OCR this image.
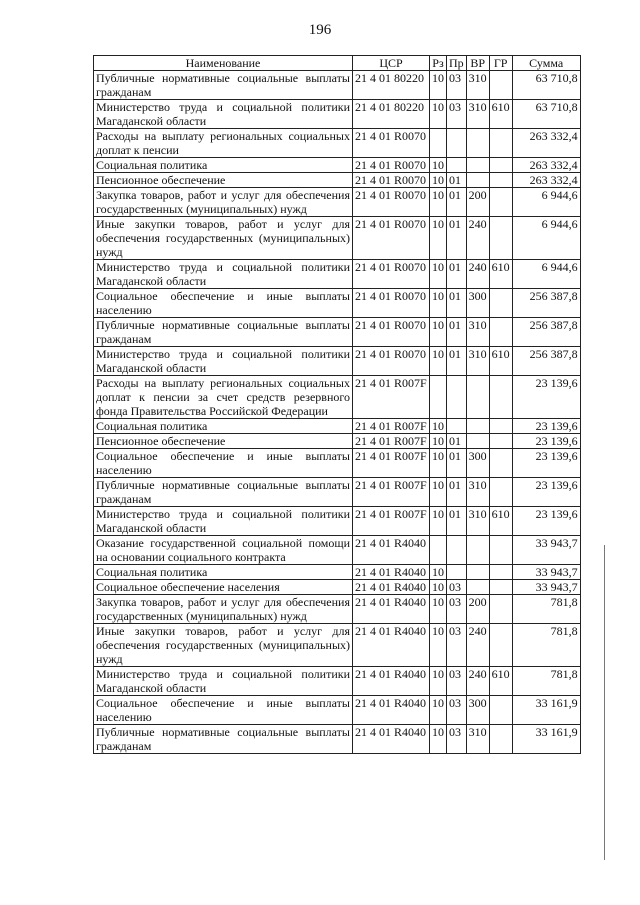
196
Наименование	ЦСР	Рз	Пр	ВР	ГР	Сумма
Публичные нормативные социальные выплаты гражданам	21 4 01 80220	10	03	310		63 710,8
Министерство труда и социальной политики Магаданской области	21 4 01 80220	10	03	310	610	63 710,8
Расходы на выплату региональных социальных доплат к пенсии	21 4 01 R0070					263 332,4
Социальная политика	21 4 01 R0070	10				263 332,4
Пенсионное обеспечение	21 4 01 R0070	10	01			263 332,4
Закупка товаров, работ и услуг для обеспечения государственных (муниципальных) нужд	21 4 01 R0070	10	01	200		6 944,6
Иные закупки товаров, работ и услуг для обеспечения государственных (муниципальных) нужд	21 4 01 R0070	10	01	240		6 944,6
Министерство труда и социальной политики Магаданской области	21 4 01 R0070	10	01	240	610	6 944,6
Социальное обеспечение и иные выплаты населению	21 4 01 R0070	10	01	300		256 387,8
Публичные нормативные социальные выплаты гражданам	21 4 01 R0070	10	01	310		256 387,8
Министерство труда и социальной политики Магаданской области	21 4 01 R0070	10	01	310	610	256 387,8
Расходы на выплату региональных социальных доплат к пенсии за счет средств резервного фонда Правительства Российской Федерации	21 4 01 R007F					23 139,6
Социальная политика	21 4 01 R007F	10				23 139,6
Пенсионное обеспечение	21 4 01 R007F	10	01			23 139,6
Социальное обеспечение и иные выплаты населению	21 4 01 R007F	10	01	300		23 139,6
Публичные нормативные социальные выплаты гражданам	21 4 01 R007F	10	01	310		23 139,6
Министерство труда и социальной политики Магаданской области	21 4 01 R007F	10	01	310	610	23 139,6
Оказание государственной социальной помощи на основании социального контракта	21 4 01 R4040					33 943,7
Социальная политика	21 4 01 R4040	10				33 943,7
Социальное обеспечение населения	21 4 01 R4040	10	03			33 943,7
Закупка товаров, работ и услуг для обеспечения государственных (муниципальных) нужд	21 4 01 R4040	10	03	200		781,8
Иные закупки товаров, работ и услуг для обеспечения государственных (муниципальных) нужд	21 4 01 R4040	10	03	240		781,8
Министерство труда и социальной политики Магаданской области	21 4 01 R4040	10	03	240	610	781,8
Социальное обеспечение и иные выплаты населению	21 4 01 R4040	10	03	300		33 161,9
Публичные нормативные социальные выплаты гражданам	21 4 01 R4040	10	03	310		33 161,9
